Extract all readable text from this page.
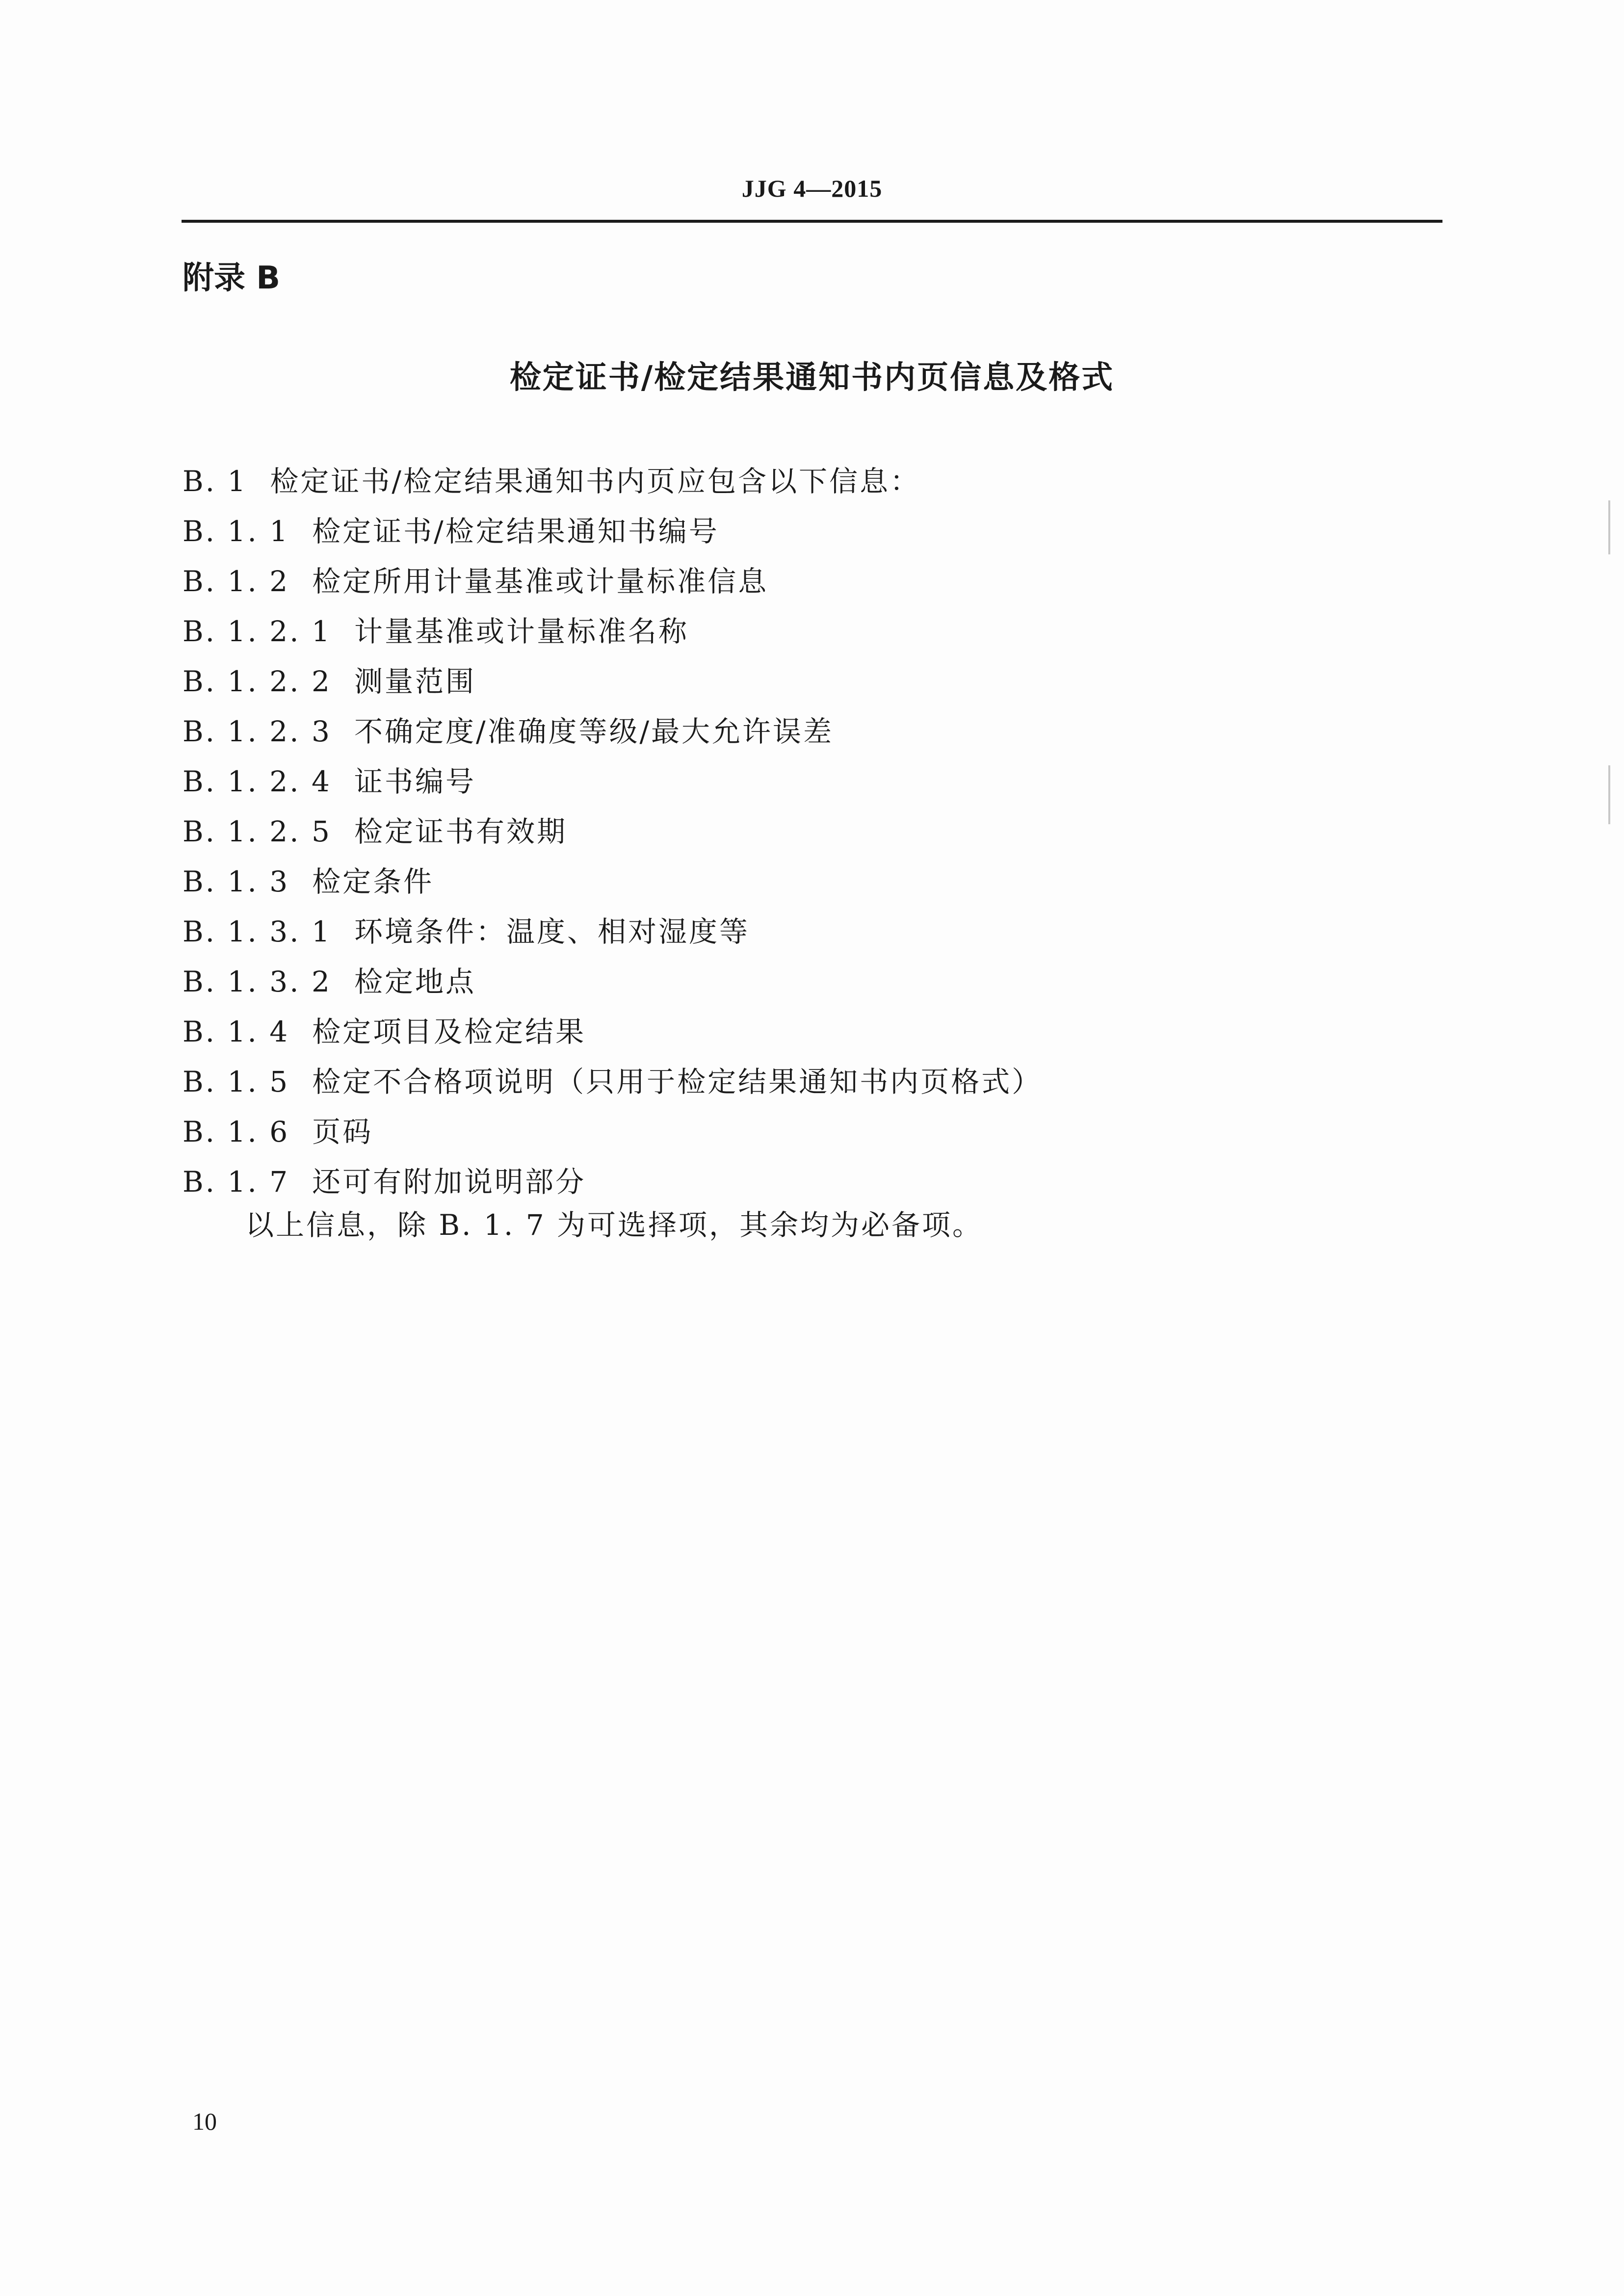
JJG 4—2015
附录 B
检定证书/检定结果通知书内页信息及格式
B. 1 检定证书/检定结果通知书内页应包含以下信息：
B. 1. 1 检定证书/检定结果通知书编号
B. 1. 2 检定所用计量基准或计量标准信息
B. 1. 2. 1 计量基准或计量标准名称
B. 1. 2. 2 测量范围
B. 1. 2. 3 不确定度/准确度等级/最大允许误差
B. 1. 2. 4 证书编号
B. 1. 2. 5 检定证书有效期
B. 1. 3 检定条件
B. 1. 3. 1 环境条件：温度、相对湿度等
B. 1. 3. 2 检定地点
B. 1. 4 检定项目及检定结果
B. 1. 5 检定不合格项说明（只用于检定结果通知书内页格式）
B. 1. 6 页码
B. 1. 7 还可有附加说明部分
以上信息，除 B. 1. 7 为可选择项，其余均为必备项。
10
